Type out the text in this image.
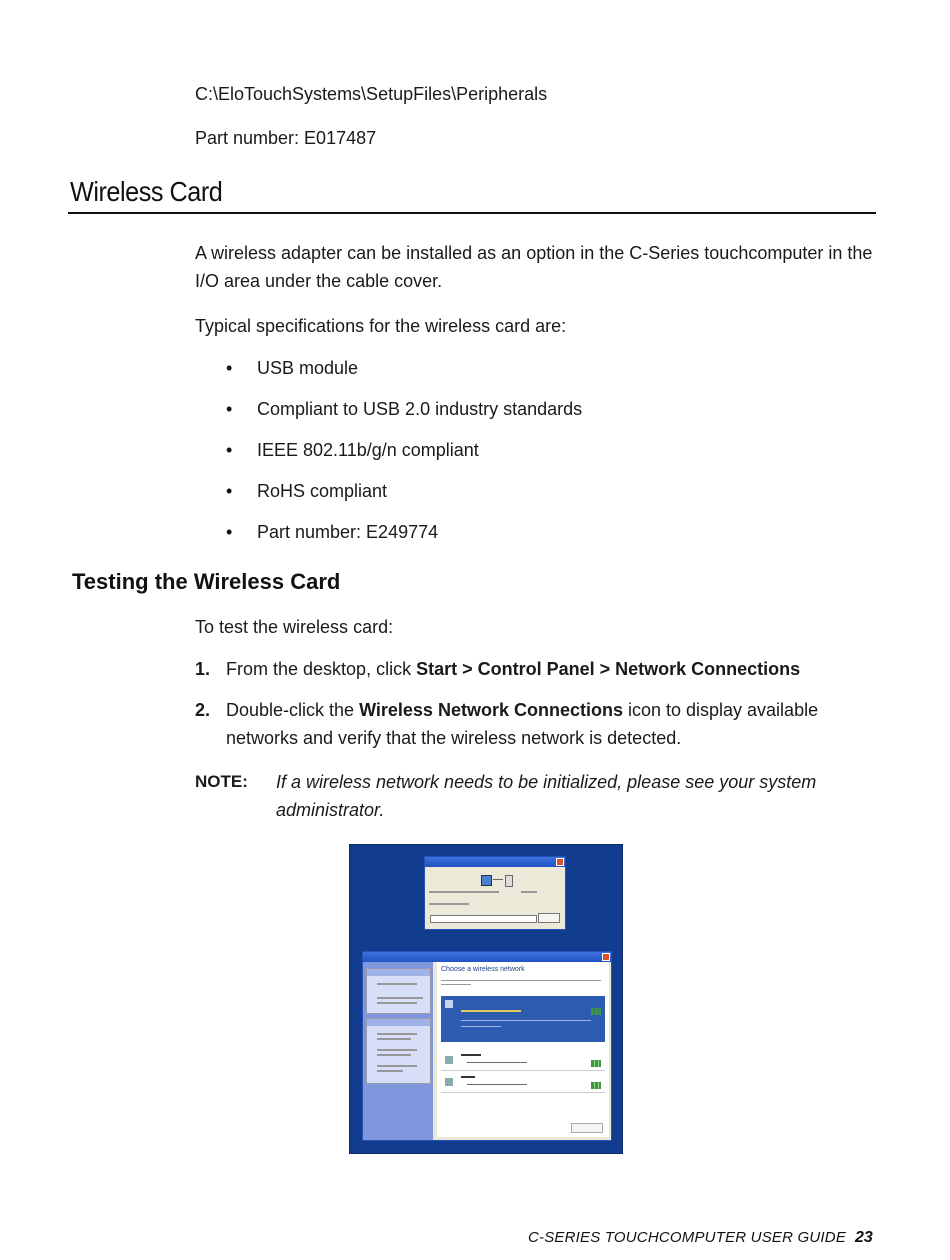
C:\EloTouchSystems\SetupFiles\Peripherals
Part number: E017487
Wireless Card
A wireless adapter can be installed as an option in the C-Series touchcomputer in the I/O area under the cable cover.
Typical specifications for the wireless card are:
• USB module
• Compliant to USB 2.0 industry standards
• IEEE 802.11b/g/n compliant
• RoHS compliant
• Part number: E249774
Testing the Wireless Card
To test the wireless card:
1. From the desktop, click Start > Control Panel > Network Connections
2. Double-click the Wireless Network Connections icon to display available networks and verify that the wireless network is detected.
NOTE: If a wireless network needs to be initialized, please see your system administrator.
Choose a wireless network
C-SERIES TOUCHCOMPUTER USER GUIDE 23
